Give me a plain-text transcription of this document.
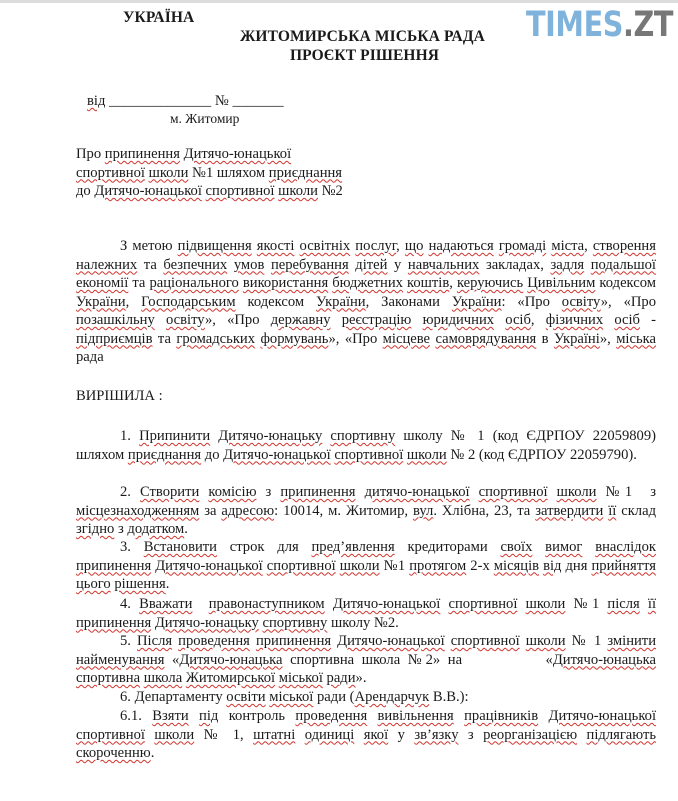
УКРАЇНА
ЖИТОМИРСЬКА МІСЬКА РАДА
ПРОЄКТ РІШЕННЯ
TIMES.ZT
від ______________ № _______
м. Житомир
Про припинення Дитячо-юнацької
спортивної школи №1 шляхом приєднання
до Дитячо-юнацької спортивної школи №2

З метою підвищення якості освітніх послуг, що надаються громаді міста, створення належних та безпечних умов перебування дітей у навчальних закладах, задля подальшої економії та раціонального використання бюджетних коштів, керуючись Цивільним кодексом України, Господарським кодексом України, Законами України: «Про освіту», «Про позашкільну освіту», «Про державну реєстрацію юридичних осіб, фізичних осіб - підприємців та громадських формувань», «Про місцеве самоврядування в Україні», міська рада

ВИРІШИЛА :

1. Припинити Дитячо-юнацьку спортивну школу № 1 (код ЄДРПОУ 22059809) шляхом приєднання до Дитячо-юнацької спортивної школи № 2 (код ЄДРПОУ 22059790).

2. Створити комісію з припинення дитячо-юнацької спортивної школи №1  з місцезнаходженням за адресою: 10014, м. Житомир, вул. Хлібна, 23, та затвердити її склад згідно з додатком.

3. Встановити строк для пред’явлення кредиторами своїх вимог внаслідок припинення Дитячо-юнацької спортивної школи №1 протягом 2-х місяців від дня прийняття цього рішення.

4. Вважати правонаступником Дитячо-юнацької спортивної школи №1 після її припинення Дитячо-юнацьку спортивну школу №2.

5. Після проведення припинення Дитячо-юнацької спортивної школи № 1 змінити найменування «Дитячо-юнацька спортивна школа №2» на           «Дитячо-юнацька спортивна школа Житомирської міської ради».

6. Департаменту освіти міської ради (Арендарчук В.В.):

6.1. Взяти під контроль проведення вивільнення працівників Дитячо-юнацької спортивної школи № 1, штатні одиниці якої у зв’язку з реорганізацією підлягають скороченню.
